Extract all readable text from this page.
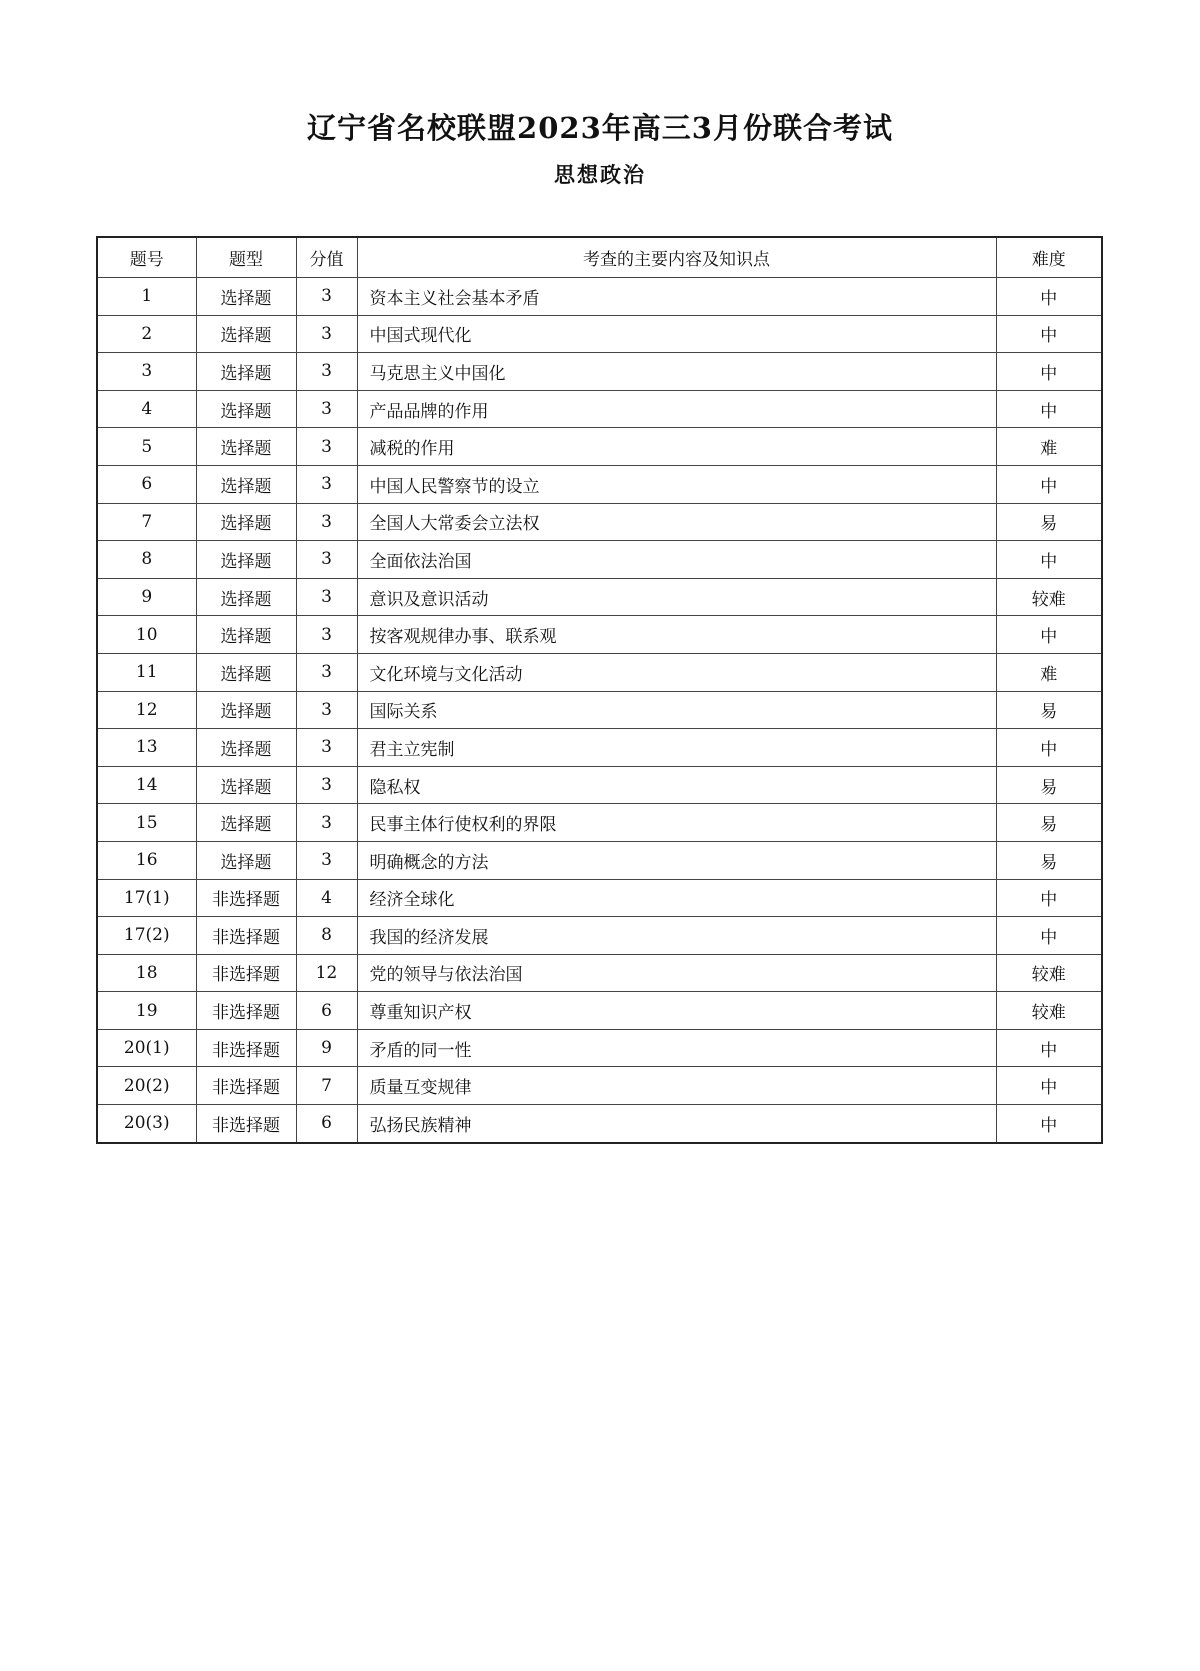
辽宁省名校联盟2023年高三3月份联合考试
思想政治
题号	题型	分值	考查的主要内容及知识点	难度
1	选择题	3	资本主义社会基本矛盾	中
2	选择题	3	中国式现代化	中
3	选择题	3	马克思主义中国化	中
4	选择题	3	产品品牌的作用	中
5	选择题	3	减税的作用	难
6	选择题	3	中国人民警察节的设立	中
7	选择题	3	全国人大常委会立法权	易
8	选择题	3	全面依法治国	中
9	选择题	3	意识及意识活动	较难
10	选择题	3	按客观规律办事、联系观	中
11	选择题	3	文化环境与文化活动	难
12	选择题	3	国际关系	易
13	选择题	3	君主立宪制	中
14	选择题	3	隐私权	易
15	选择题	3	民事主体行使权利的界限	易
16	选择题	3	明确概念的方法	易
17(1)	非选择题	4	经济全球化	中
17(2)	非选择题	8	我国的经济发展	中
18	非选择题	12	党的领导与依法治国	较难
19	非选择题	6	尊重知识产权	较难
20(1)	非选择题	9	矛盾的同一性	中
20(2)	非选择题	7	质量互变规律	中
20(3)	非选择题	6	弘扬民族精神	中
